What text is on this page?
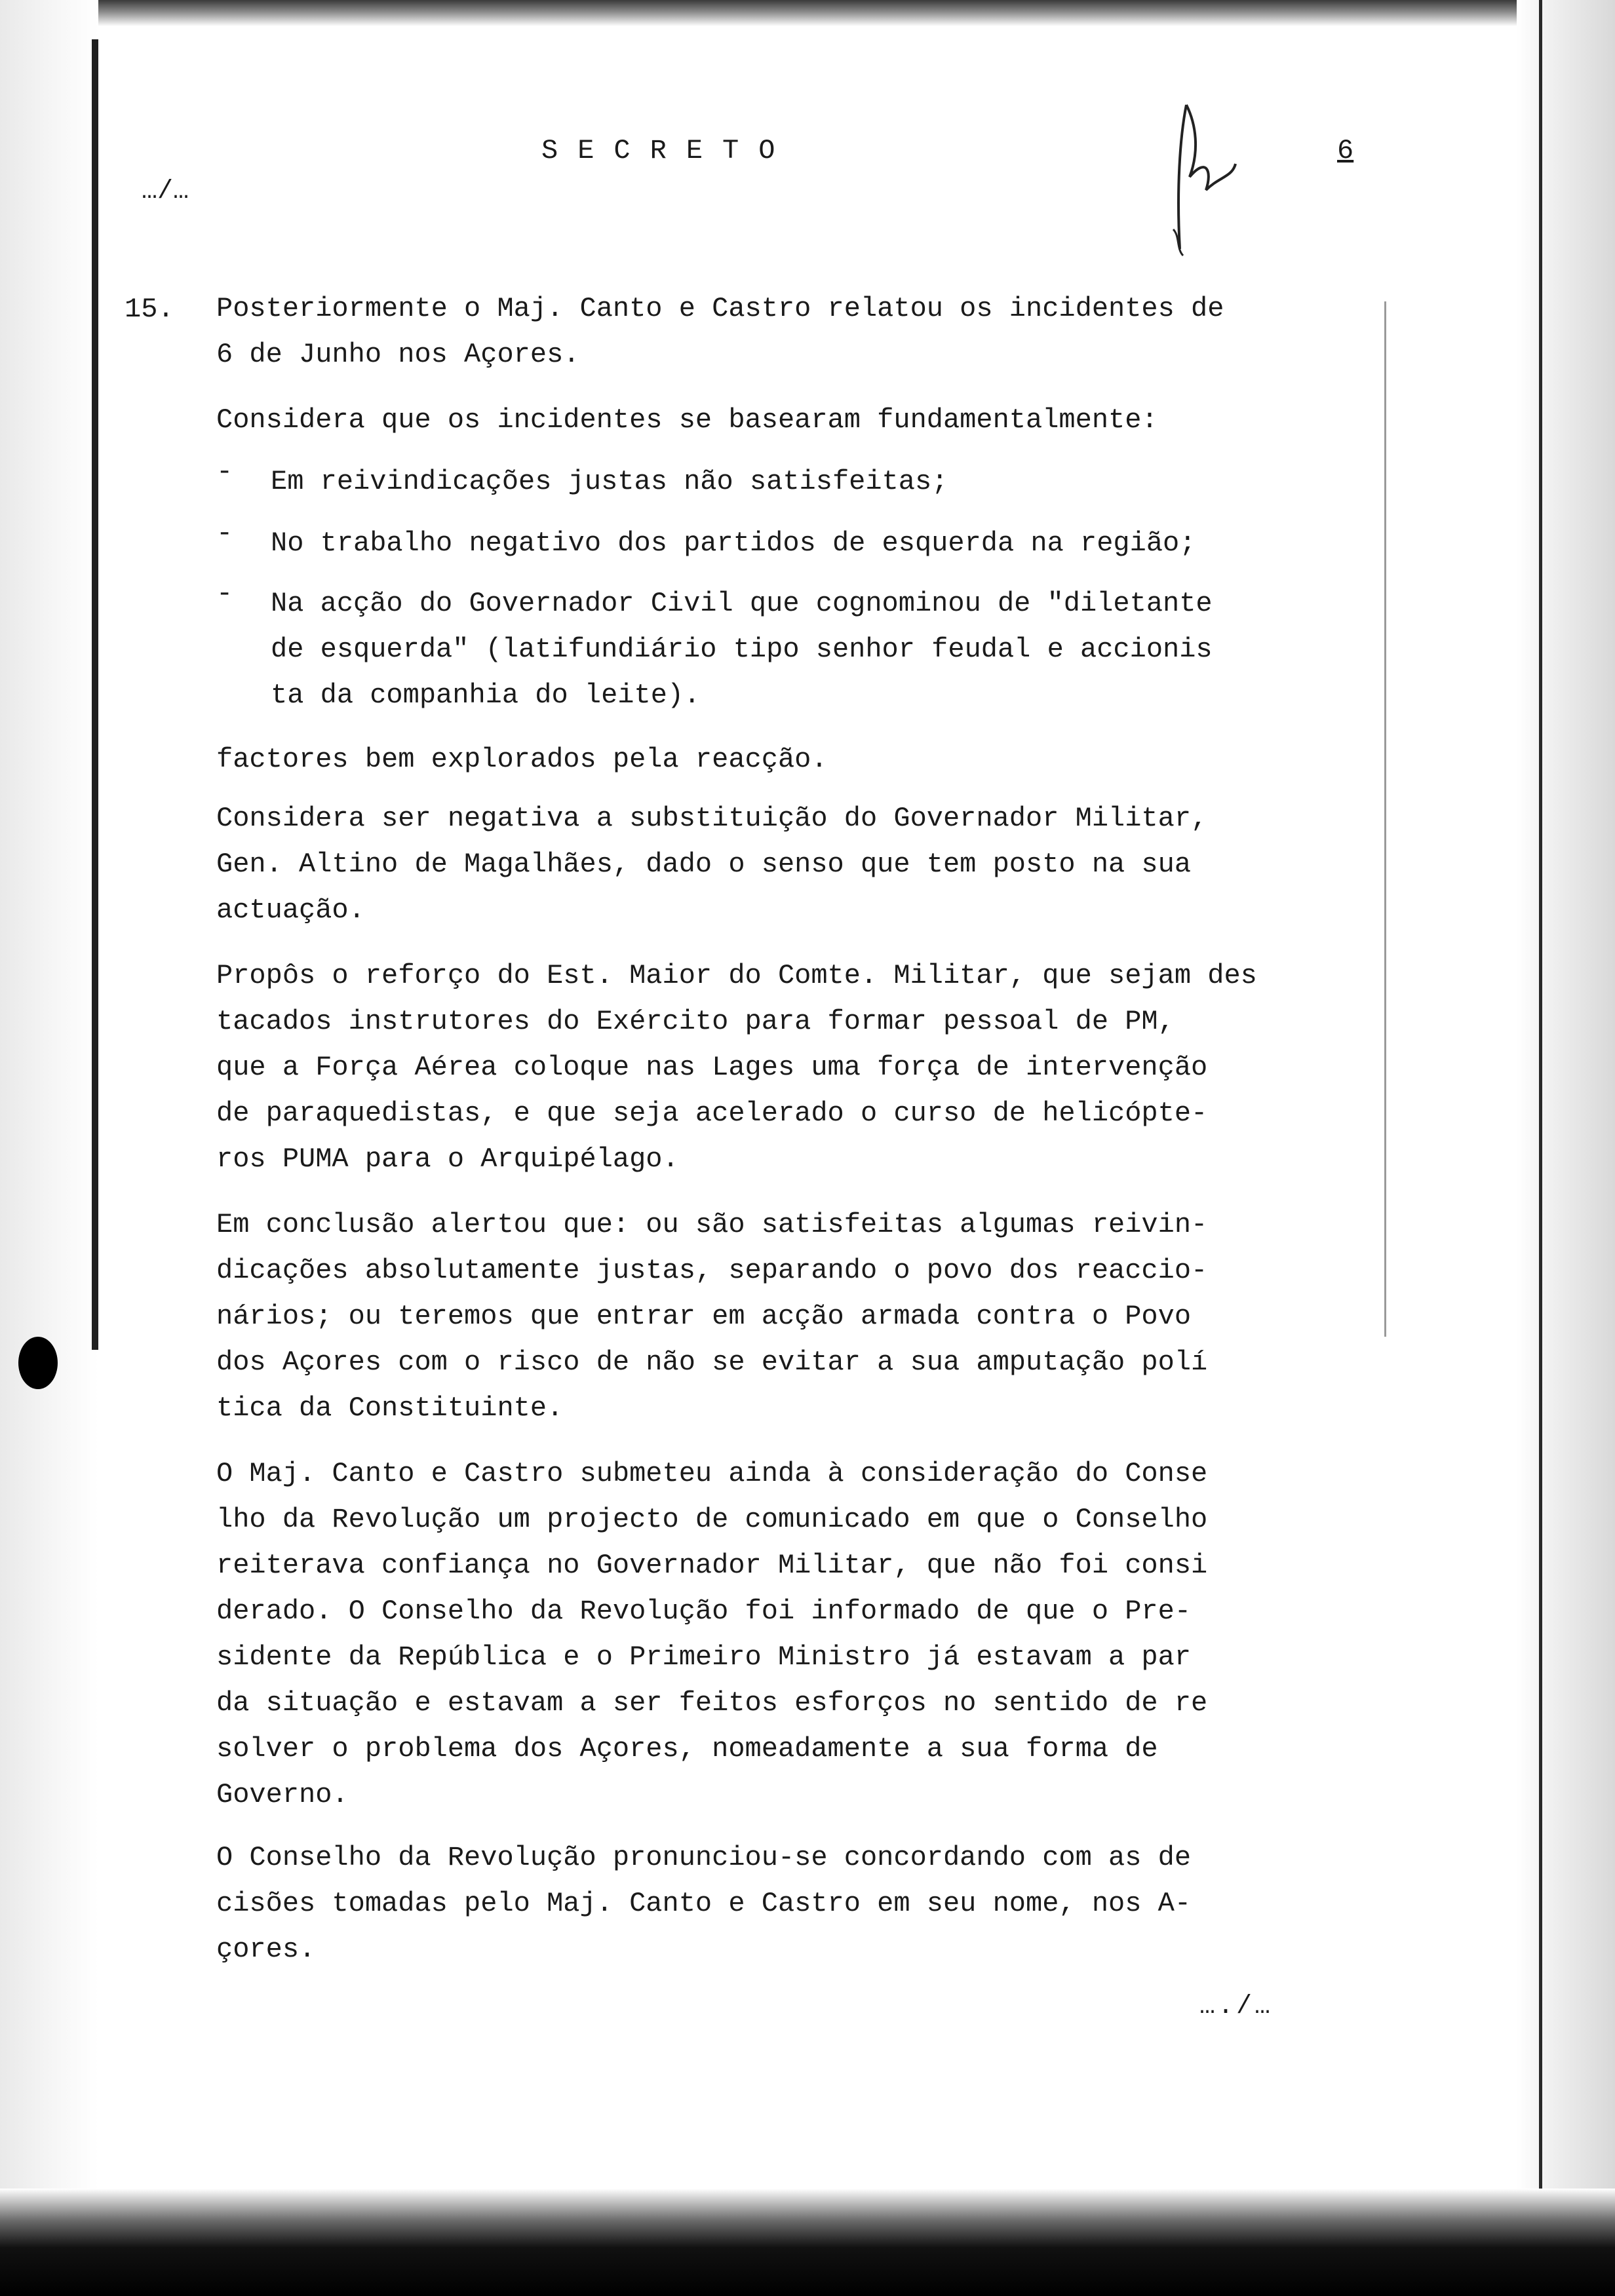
SECRETO	6
…/…
15. Posteriormente o Maj. Canto e Castro relatou os incidentes de
6 de Junho nos Açores.
Considera que os incidentes se basearam fundamentalmente:
- Em reivindicações justas não satisfeitas;
- No trabalho negativo dos partidos de esquerda na região;
- Na acção do Governador Civil que cognominou de "diletante
de esquerda" (latifundiário tipo senhor feudal e accionis
ta da companhia do leite).
factores bem explorados pela reacção.
Considera ser negativa a substituição do Governador Militar,
Gen. Altino de Magalhães, dado o senso que tem posto na sua
actuação.
Propôs o reforço do Est. Maior do Comte. Militar, que sejam des
tacados instrutores do Exército para formar pessoal de PM,
que a Força Aérea coloque nas Lages uma força de intervenção
de paraquedistas, e que seja acelerado o curso de helicópte-
ros PUMA para o Arquipélago.
Em conclusão alertou que: ou são satisfeitas algumas reivin-
dicações absolutamente justas, separando o povo dos reaccio-
nários; ou teremos que entrar em acção armada contra o Povo
dos Açores com o risco de não se evitar a sua amputação polí
tica da Constituinte.
O Maj. Canto e Castro submeteu ainda à consideração do Conse
lho da Revolução um projecto de comunicado em que o Conselho
reiterava confiança no Governador Militar, que não foi consi
derado. O Conselho da Revolução foi informado de que o Pre-
sidente da República e o Primeiro Ministro já estavam a par
da situação e estavam a ser feitos esforços no sentido de re
solver o problema dos Açores, nomeadamente a sua forma de
Governo.
O Conselho da Revolução pronunciou-se concordando com as de
cisões tomadas pelo Maj. Canto e Castro em seu nome, nos A-
çores.
…./…
